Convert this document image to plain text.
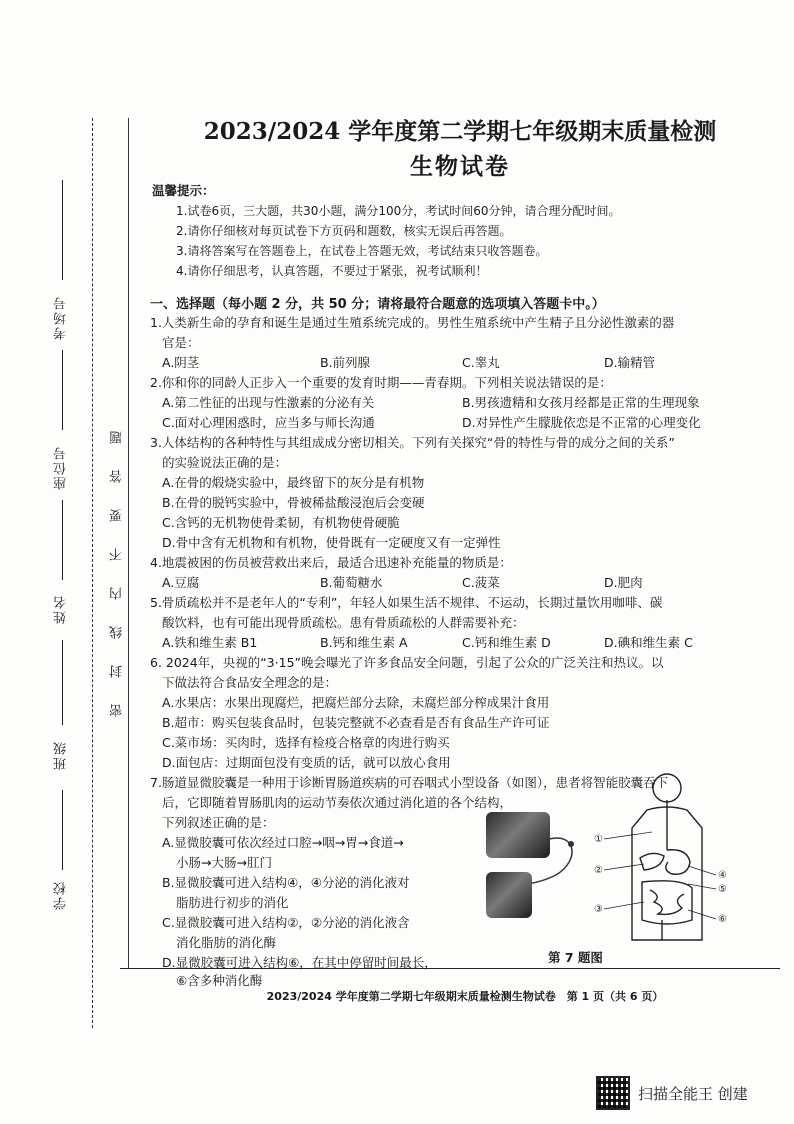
考场号
座位号
姓名
班级
学校
密封线内不要答题
2023/2024 学年度第二学期七年级期末质量检测
生物试卷
温馨提示：
1.试卷6页，三大题，共30小题，满分100分，考试时间60分钟，请合理分配时间。
2.请你仔细核对每页试卷下方页码和题数，核实无误后再答题。
3.请将答案写在答题卷上，在试卷上答题无效，考试结束只收答题卷。
4.请你仔细思考，认真答题，不要过于紧张，祝考试顺利！
一、选择题（每小题 2 分，共 50 分；请将最符合题意的选项填入答题卡中。）
1.人类新生命的孕育和诞生是通过生殖系统完成的。男性生殖系统中产生精子且分泌性激素的器
官是：
A.阴茎	B.前列腺	C.睾丸	D.输精管
2.你和你的同龄人正步入一个重要的发育时期——青春期。下列相关说法错误的是：
A.第二性征的出现与性激素的分泌有关	B.男孩遗精和女孩月经都是正常的生理现象
C.面对心理困惑时，应当多与师长沟通	D.对异性产生朦胧依恋是不正常的心理变化
3.人体结构的各种特性与其组成成分密切相关。下列有关探究“骨的特性与骨的成分之间的关系”
的实验说法正确的是：
A.在骨的煅烧实验中，最终留下的灰分是有机物
B.在骨的脱钙实验中，骨被稀盐酸浸泡后会变硬
C.含钙的无机物使骨柔韧，有机物使骨硬脆
D.骨中含有无机物和有机物，使骨既有一定硬度又有一定弹性
4.地震被困的伤员被营救出来后，最适合迅速补充能量的物质是：
A.豆腐	B.葡萄糖水	C.菠菜	D.肥肉
5.骨质疏松并不是老年人的“专利”，年轻人如果生活不规律、不运动，长期过量饮用咖啡、碳
酸饮料，也有可能出现骨质疏松。患有骨质疏松的人群需要补充：
A.铁和维生素 B1	B.钙和维生素 A	C.钙和维生素 D	D.碘和维生素 C
6. 2024年，央视的“3·15”晚会曝光了许多食品安全问题，引起了公众的广泛关注和热议。以
下做法符合食品安全理念的是：
A.水果店：水果出现腐烂，把腐烂部分去除，未腐烂部分榨成果汁食用
B.超市：购买包装食品时，包装完整就不必查看是否有食品生产许可证
C.菜市场：买肉时，选择有检疫合格章的肉进行购买
D.面包店：过期面包没有变质的话，就可以放心食用
7.肠道显微胶囊是一种用于诊断胃肠道疾病的可吞咽式小型设备（如图），患者将智能胶囊吞下
后，它即随着胃肠肌肉的运动节奏依次通过消化道的各个结构，
下列叙述正确的是：
A.显微胶囊可依次经过口腔→咽→胃→食道→
小肠→大肠→肛门
B.显微胶囊可进入结构④，④分泌的消化液对
脂肪进行初步的消化
C.显微胶囊可进入结构②，②分泌的消化液含
消化脂肪的消化酶
D.显微胶囊可进入结构⑥，在其中停留时间最长，
⑥含多种消化酶
①
②
③
④
⑤
⑥
第 7 题图
2023/2024 学年度第二学期七年级期末质量检测生物试卷　第 1 页（共 6 页）
扫描全能王 创建
